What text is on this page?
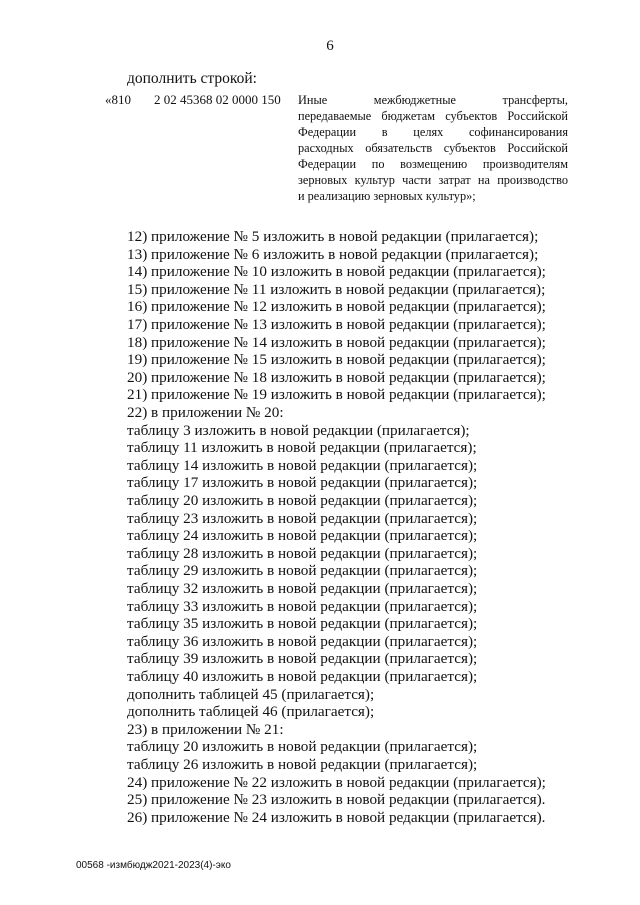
6
дополнить строкой:
«810 2 02 45368 02 0000 150 Иные межбюджетные трансферты,
передаваемые бюджетам субъектов Российской
Федерации в целях софинансирования
расходных обязательств субъектов Российской
Федерации по возмещению производителям
зерновых культур части затрат на производство
и реализацию зерновых культур»;
12) приложение № 5 изложить в новой редакции (прилагается);
13) приложение № 6 изложить в новой редакции (прилагается);
14) приложение № 10 изложить в новой редакции (прилагается);
15) приложение № 11 изложить в новой редакции (прилагается);
16) приложение № 12 изложить в новой редакции (прилагается);
17) приложение № 13 изложить в новой редакции (прилагается);
18) приложение № 14 изложить в новой редакции (прилагается);
19) приложение № 15 изложить в новой редакции (прилагается);
20) приложение № 18 изложить в новой редакции (прилагается);
21) приложение № 19 изложить в новой редакции (прилагается);
22) в приложении № 20:
таблицу 3 изложить в новой редакции (прилагается);
таблицу 11 изложить в новой редакции (прилагается);
таблицу 14 изложить в новой редакции (прилагается);
таблицу 17 изложить в новой редакции (прилагается);
таблицу 20 изложить в новой редакции (прилагается);
таблицу 23 изложить в новой редакции (прилагается);
таблицу 24 изложить в новой редакции (прилагается);
таблицу 28 изложить в новой редакции (прилагается);
таблицу 29 изложить в новой редакции (прилагается);
таблицу 32 изложить в новой редакции (прилагается);
таблицу 33 изложить в новой редакции (прилагается);
таблицу 35 изложить в новой редакции (прилагается);
таблицу 36 изложить в новой редакции (прилагается);
таблицу 39 изложить в новой редакции (прилагается);
таблицу 40 изложить в новой редакции (прилагается);
дополнить таблицей 45 (прилагается);
дополнить таблицей 46 (прилагается);
23) в приложении № 21:
таблицу 20 изложить в новой редакции (прилагается);
таблицу 26 изложить в новой редакции (прилагается);
24) приложение № 22 изложить в новой редакции (прилагается);
25) приложение № 23 изложить в новой редакции (прилагается).
26) приложение № 24 изложить в новой редакции (прилагается).
00568 -измбюдж2021-2023(4)-эко
